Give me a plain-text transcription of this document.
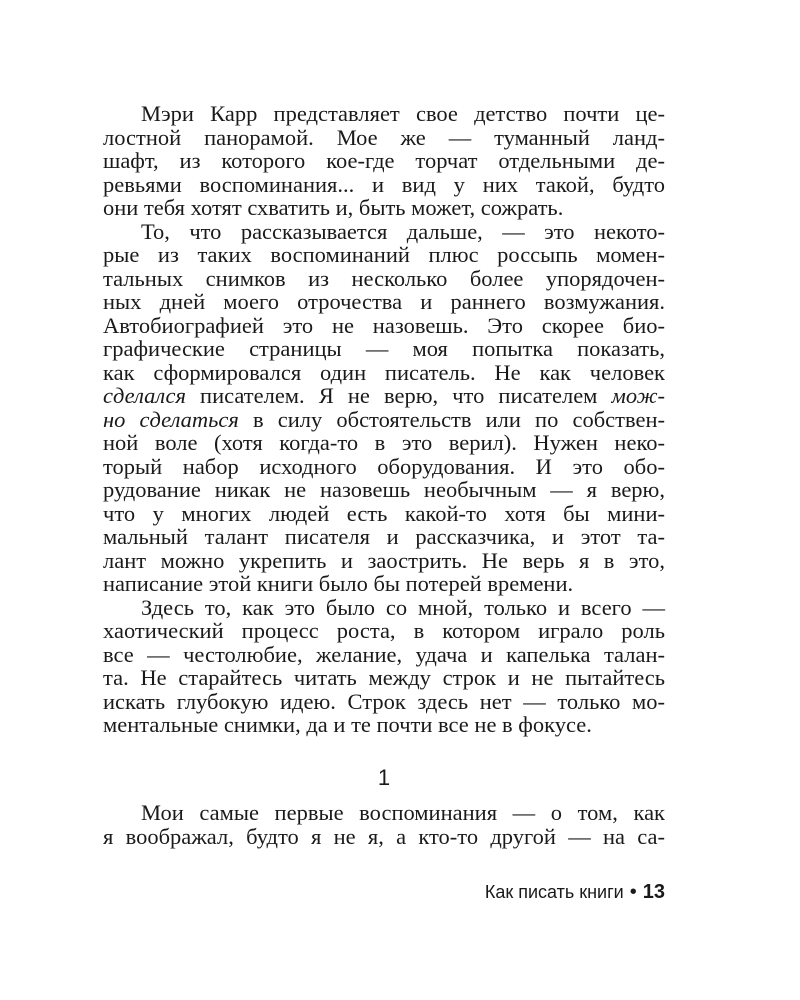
Мэри Карр представляет свое детство почти це-
лостной панорамой. Мое же — туманный ланд-
шафт, из которого кое-где торчат отдельными де-
ревьями воспоминания... и вид у них такой, будто
они тебя хотят схватить и, быть может, сожрать.
То, что рассказывается дальше, — это некото-
рые из таких воспоминаний плюс россыпь момен-
тальных снимков из несколько более упорядочен-
ных дней моего отрочества и раннего возмужания.
Автобиографией это не назовешь. Это скорее био-
графические страницы — моя попытка показать,
как сформировался один писатель. Не как человек
сделался писателем. Я не верю, что писателем мож-
но сделаться в силу обстоятельств или по собствен-
ной воле (хотя когда-то в это верил). Нужен неко-
торый набор исходного оборудования. И это обо-
рудование никак не назовешь необычным — я верю,
что у многих людей есть какой-то хотя бы мини-
мальный талант писателя и рассказчика, и этот та-
лант можно укрепить и заострить. Не верь я в это,
написание этой книги было бы потерей времени.
Здесь то, как это было со мной, только и всего —
хаотический процесс роста, в котором играло роль
все — честолюбие, желание, удача и капелька талан-
та. Не старайтесь читать между строк и не пытайтесь
искать глубокую идею. Строк здесь нет — только мо-
ментальные снимки, да и те почти все не в фокусе.
1
Мои самые первые воспоминания — о том, как
я воображал, будто я не я, а кто-то другой — на са-
Как писать книги • 13
